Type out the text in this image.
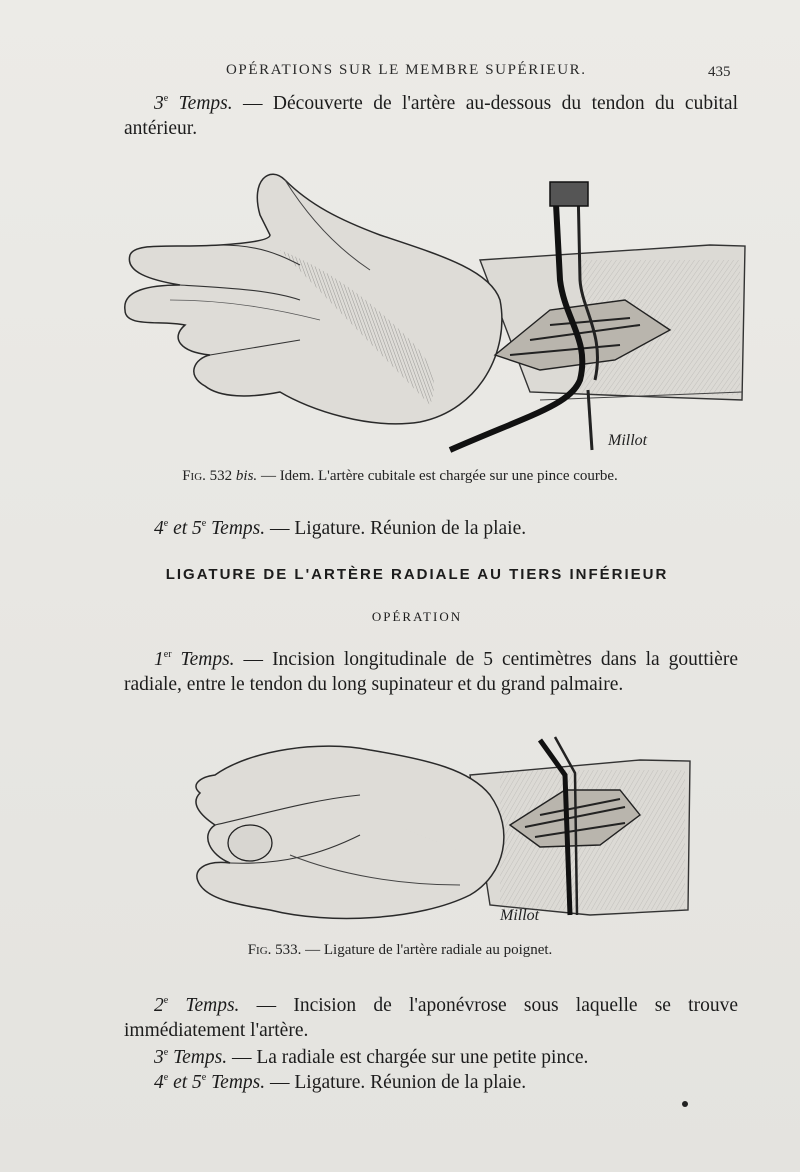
OPÉRATIONS SUR LE MEMBRE SUPÉRIEUR.	435

3e Temps. — Découverte de l'artère au-dessous du tendon du cubital antérieur.

Millot
Fig. 532 bis. — Idem. L'artère cubitale est chargée sur une pince courbe.

4e et 5e Temps. — Ligature. Réunion de la plaie.

LIGATURE DE L'ARTÈRE RADIALE AU TIERS INFÉRIEUR
OPÉRATION

1er Temps. — Incision longitudinale de 5 centimètres dans la gouttière radiale, entre le tendon du long supinateur et du grand palmaire.

Millot
Fig. 533. — Ligature de l'artère radiale au poignet.

2e Temps. — Incision de l'aponévrose sous laquelle se trouve immédiatement l'artère.

3e Temps. — La radiale est chargée sur une petite pince.

4e et 5e Temps. — Ligature. Réunion de la plaie.
